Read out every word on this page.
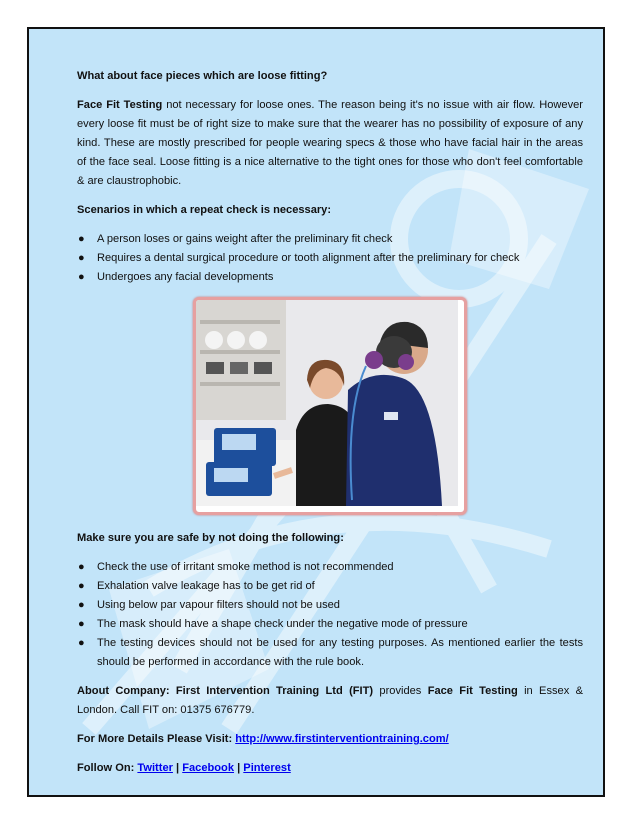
What about face pieces which are loose fitting?

Face Fit Testing not necessary for loose ones. The reason being it's no issue with air flow. However every loose fit must be of right size to make sure that the wearer has no possibility of exposure of any kind. These are mostly prescribed for people wearing specs & those who have facial hair in the areas of the face seal. Loose fitting is a nice alternative to the tight ones for those who don't feel comfortable & are claustrophobic.

Scenarios in which a repeat check is necessary:

● A person loses or gains weight after the preliminary fit check
● Requires a dental surgical procedure or tooth alignment after the preliminary for check
● Undergoes any facial developments

Make sure you are safe by not doing the following:

● Check the use of irritant smoke method is not recommended
● Exhalation valve leakage has to be get rid of
● Using below par vapour filters should not be used
● The mask should have a shape check under the negative mode of pressure
● The testing devices should not be used for any testing purposes. As mentioned earlier the tests should be performed in accordance with the rule book.

About Company: First Intervention Training Ltd (FIT) provides Face Fit Testing in Essex & London. Call FIT on: 01375 676779.

For More Details Please Visit: http://www.firstinterventiontraining.com/

Follow On: Twitter | Facebook | Pinterest
